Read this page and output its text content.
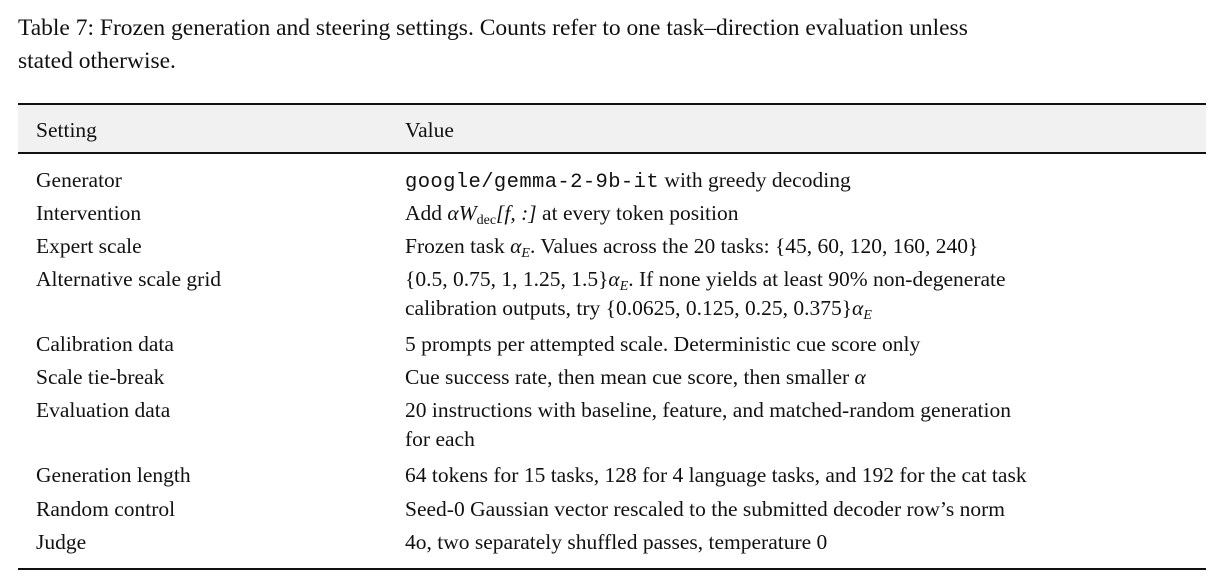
Table 7: Frozen generation and steering settings. Counts refer to one task–direction evaluation unless
stated otherwise.
Setting	Value
Generator	google/gemma-2-9b-it with greedy decoding
Intervention	Add $\alpha W_{dec}[f$, :] at every token position
Expert scale	Frozen task $\alpha_E$. Values across the 20 tasks: {45, 60, 120, 160, 240}
Alternative scale grid	{0.5, 0.75, 1, 1.25, $1.5\}\alpha_E$. If none yields at least 90% non-degenerate
calibration outputs, try {0.0625, 0.125, 0.25, $0.375\}\alpha_E$
Calibration data	5 prompts per attempted scale. Deterministic cue score only
Scale tie-break	Cue success rate, then mean cue score, then smaller α
Evaluation data	20 instructions with baseline, feature, and matched-random generation
for each
Generation length	64 tokens for 15 tasks, 128 for 4 language tasks, and 192 for the cat task
Random control	Seed-0 Gaussian vector rescaled to the submitted decoder row’s norm
Judge	4o, two separately shuffled passes, temperature 0
